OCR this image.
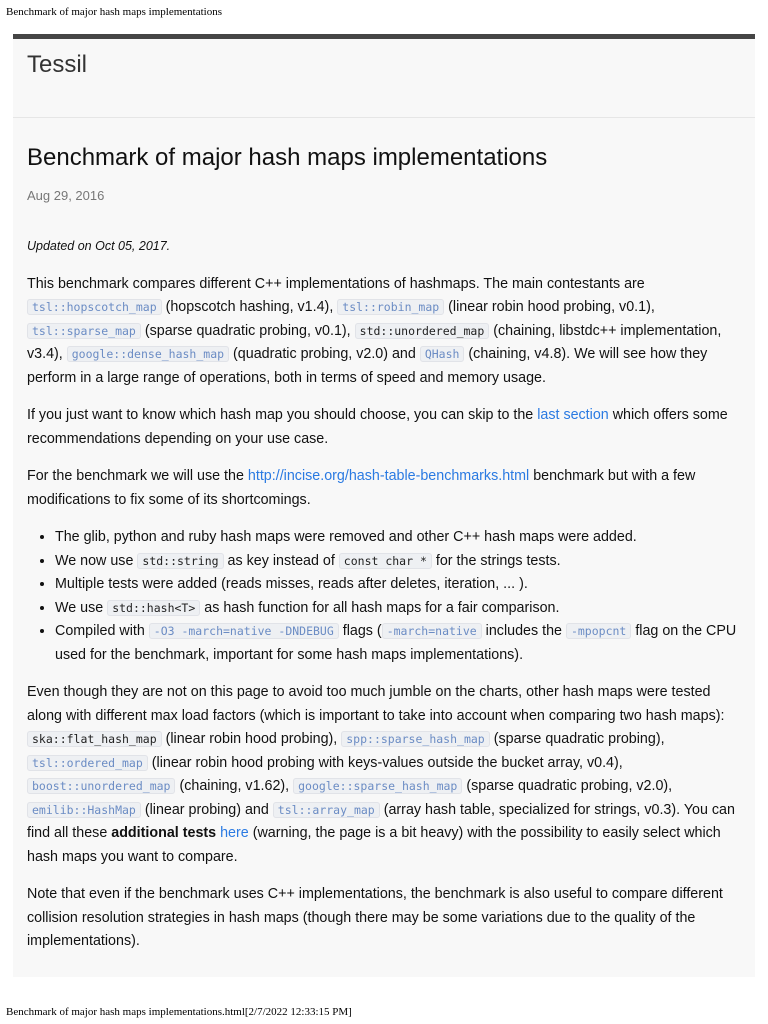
Benchmark of major hash maps implementations
Tessil
Benchmark of major hash maps implementations
Aug 29, 2016

Updated on Oct 05, 2017.

This benchmark compares different C++ implementations of hashmaps. The main contestants are tsl::hopscotch_map (hopscotch hashing, v1.4), tsl::robin_map (linear robin hood probing, v0.1), tsl::sparse_map (sparse quadratic probing, v0.1), std::unordered_map (chaining, libstdc++ implementation, v3.4), google::dense_hash_map (quadratic probing, v2.0) and QHash (chaining, v4.8). We will see how they perform in a large range of operations, both in terms of speed and memory usage.

If you just want to know which hash map you should choose, you can skip to the last section which offers some recommendations depending on your use case.

For the benchmark we will use the http://incise.org/hash-table-benchmarks.html benchmark but with a few modifications to fix some of its shortcomings.

• The glib, python and ruby hash maps were removed and other C++ hash maps were added.
• We now use std::string as key instead of const char * for the strings tests.
• Multiple tests were added (reads misses, reads after deletes, iteration, ... ).
• We use std::hash<T> as hash function for all hash maps for a fair comparison.
• Compiled with -O3 -march=native -DNDEBUG flags ( -march=native includes the -mpopcnt flag on the CPU used for the benchmark, important for some hash maps implementations).

Even though they are not on this page to avoid too much jumble on the charts, other hash maps were tested along with different max load factors (which is important to take into account when comparing two hash maps): ska::flat_hash_map (linear robin hood probing), spp::sparse_hash_map (sparse quadratic probing), tsl::ordered_map (linear robin hood probing with keys-values outside the bucket array, v0.4), boost::unordered_map (chaining, v1.62), google::sparse_hash_map (sparse quadratic probing, v2.0), emilib::HashMap (linear probing) and tsl::array_map (array hash table, specialized for strings, v0.3). You can find all these additional tests here (warning, the page is a bit heavy) with the possibility to easily select which hash maps you want to compare.

Note that even if the benchmark uses C++ implementations, the benchmark is also useful to compare different collision resolution strategies in hash maps (though there may be some variations due to the quality of the implementations).

Benchmark of major hash maps implementations.html[2/7/2022 12:33:15 PM]
